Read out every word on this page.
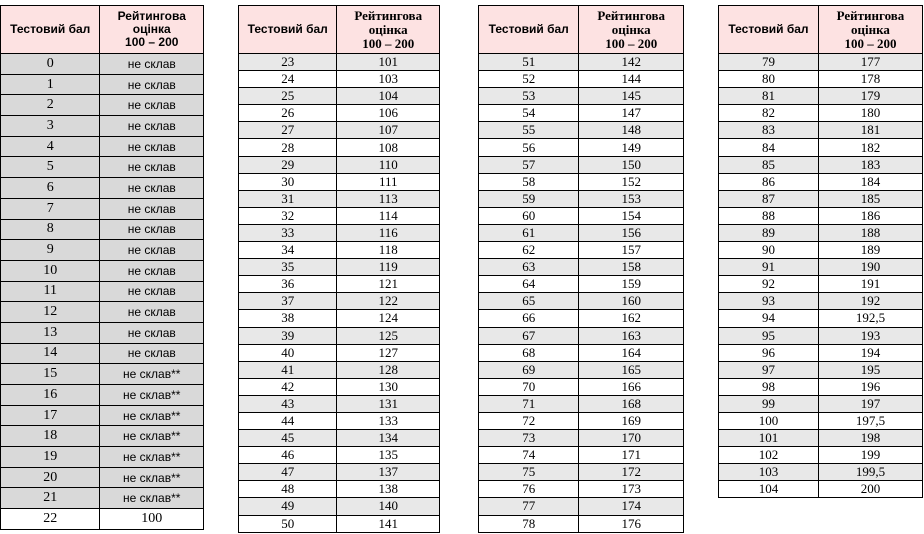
Тестовий бал	Рейтингова
оцінка
100 – 200
0	не склав
1	не склав
2	не склав
3	не склав
4	не склав
5	не склав
6	не склав
7	не склав
8	не склав
9	не склав
10	не склав
11	не склав
12	не склав
13	не склав
14	не склав
15	не склав**
16	не склав**
17	не склав**
18	не склав**
19	не склав**
20	не склав**
21	не склав**
22	100
Тестовий бал	Рейтингова
оцінка
100 – 200
23	101
24	103
25	104
26	106
27	107
28	108
29	110
30	111
31	113
32	114
33	116
34	118
35	119
36	121
37	122
38	124
39	125
40	127
41	128
42	130
43	131
44	133
45	134
46	135
47	137
48	138
49	140
50	141
Тестовий бал	Рейтингова
оцінка
100 – 200
51	142
52	144
53	145
54	147
55	148
56	149
57	150
58	152
59	153
60	154
61	156
62	157
63	158
64	159
65	160
66	162
67	163
68	164
69	165
70	166
71	168
72	169
73	170
74	171
75	172
76	173
77	174
78	176
Тестовий бал	Рейтингова
оцінка
100 – 200
79	177
80	178
81	179
82	180
83	181
84	182
85	183
86	184
87	185
88	186
89	188
90	189
91	190
92	191
93	192
94	192,5
95	193
96	194
97	195
98	196
99	197
100	197,5
101	198
102	199
103	199,5
104	200
